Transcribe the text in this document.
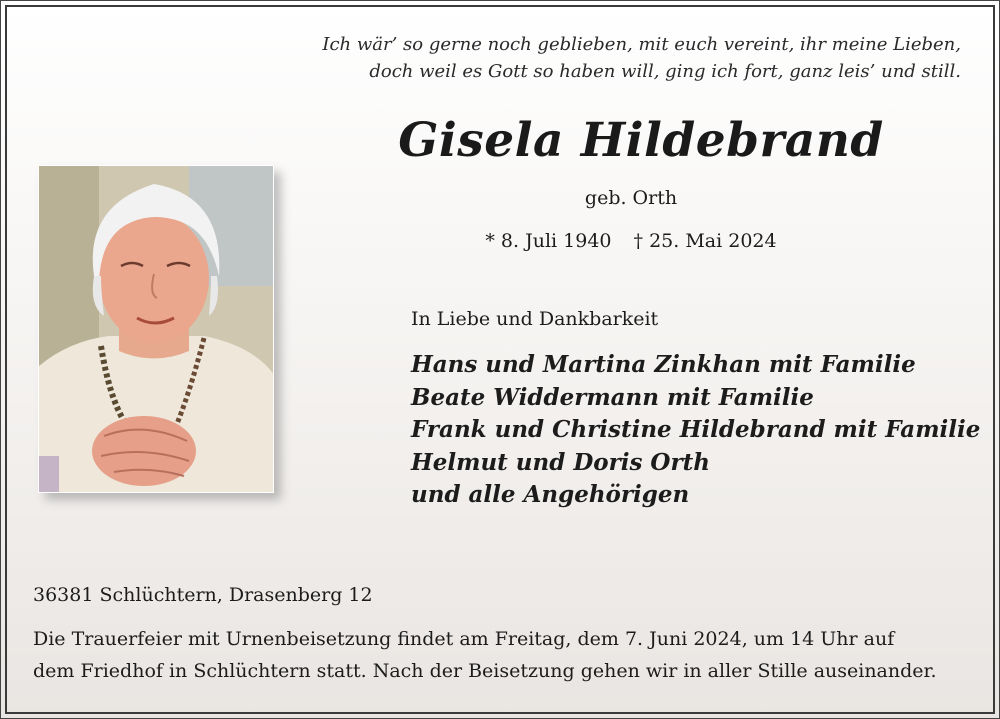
Ich wär’ so gerne noch geblieben, mit euch vereint, ihr meine Lieben,
doch weil es Gott so haben will, ging ich fort, ganz leis’ und still.
Gisela Hildebrand
geb. Orth
* 8. Juli 1940 † 25. Mai 2024
In Liebe und Dankbarkeit
Hans und Martina Zinkhan mit Familie
Beate Widdermann mit Familie
Frank und Christine Hildebrand mit Familie
Helmut und Doris Orth
und alle Angehörigen
36381 Schlüchtern, Drasenberg 12
Die Trauerfeier mit Urnenbeisetzung findet am Freitag, dem 7. Juni 2024, um 14 Uhr auf
dem Friedhof in Schlüchtern statt. Nach der Beisetzung gehen wir in aller Stille auseinander.
